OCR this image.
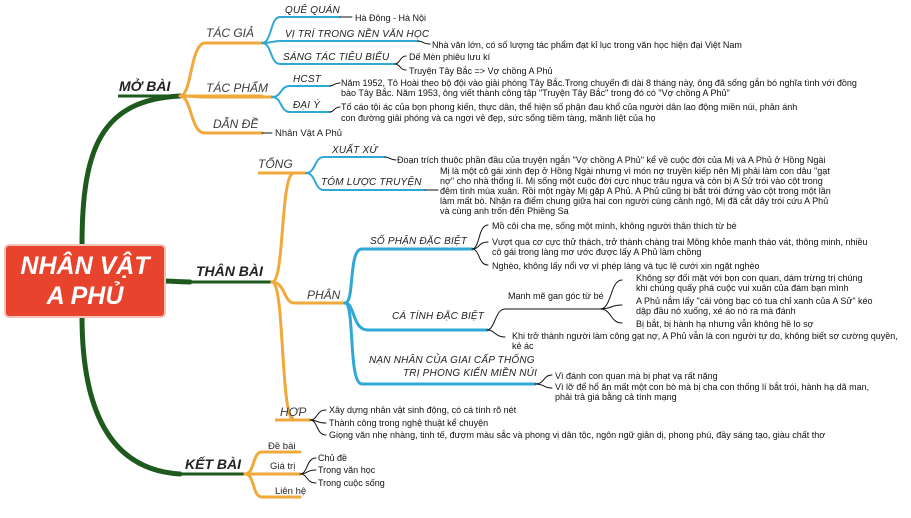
NHÂN VẬT
A PHỦ
MỞ BÀI
TÁC GIẢ
QUÊ QUÁN
Hà Đông - Hà Nội
VỊ TRÍ TRONG NỀN VĂN HỌC
Nhà văn lớn, có số lượng tác phẩm đạt kỉ lục trong văn học hiện đại Việt Nam
SÁNG TÁC TIÊU BIỂU Dế Mèn phiêu lưu kí
Truyện Tây Bắc => Vợ chồng A Phủ
TÁC PHẨM
HCST Năm 1952, Tô Hoài theo bộ đội vào giải phóng Tây Bắc.Trong chuyến đi dài 8 tháng này, ông đã sống gắn bó nghĩa tình với đồng
bào Tây Bắc. Năm 1953, ông viết thành công tập "Truyện Tây Bắc" trong đó có "Vợ chồng A Phủ"
ĐẠI Ý Tố cáo tội ác của bọn phong kiến, thực dân, thể hiện số phận đau khổ của người dân lao động miền núi, phản ánh
con đường giải phóng và ca ngợi vẻ đẹp, sức sống tiềm tàng, mãnh liệt của họ
DẪN ĐỀ
Nhân Vật A Phủ
THÂN BÀI
TỔNG
XUẤT XỨ
Đoạn trích thuộc phần đầu của truyện ngắn "Vợ chồng A Phủ" kể về cuộc đời của Mị và A Phủ ở Hồng Ngài
TÓM LƯỢC TRUYỆN
Mị là một cô gái xinh đẹp ở Hồng Ngài nhưng vì món nợ truyền kiếp nên Mị phải làm con dâu "gạt
nợ" cho nhà thống lí. Mị sống một cuộc đời cực nhục trâu ngựa và còn bị A Sử trói vào cột trong
đêm tình mùa xuân. Rồi một ngày Mị gặp A Phủ. A Phủ cũng bị bắt trói đứng vào cột trong một lần
làm mất bò. Nhận ra điểm chung giữa hai con người cùng cảnh ngộ, Mị đã cắt dây trói cứu A Phủ
và cùng anh trốn đến Phiềng Sa
PHÂN
SỐ PHẬN ĐẶC BIỆT
Mồ côi cha mẹ, sống một mình, không người thân thích từ bé
Vượt qua cơ cực thử thách, trở thành chàng trai Mông khỏe mạnh tháo vát, thông minh, nhiều
cô gái trong làng mơ ước được lấy A Phủ làm chồng
Nghèo, không lấy nổi vợ vì phép làng và tục lệ cưới xin ngặt nghèo
CÁ TÍNH ĐẶC BIỆT
Mạnh mẽ gan góc từ bé
Không sợ đối mặt với bọn con quan, dám trừng trị chúng
khi chúng quấy phá cuộc vui xuân của đám bạn mình
A Phủ nắm lấy "cái vòng bạc có tua chỉ xanh của A Sử" kéo
dập đầu nó xuống, xé áo nó ra mà đánh
Bị bắt, bị hành hạ nhưng vẫn không hề lo sợ
Khi trở thành người làm công gạt nợ, A Phủ vẫn là con người tự do, không biết sợ cường quyền,
kẻ ác
NẠN NHÂN CỦA GIAI CẤP THỐNG
TRỊ PHONG KIẾN MIỀN NÚI Vì đánh con quan mà bị phạt vạ rất nặng
Vì lỡ để hổ ăn mất một con bò mà bị cha con thống lí bắt trói, hành hạ dã man,
phải trả giá bằng cả tính mạng
HỢP	Xây dựng nhân vật sinh động, có cá tính rõ nét
Thành công trong nghệ thuật kể chuyện
Giọng văn nhẹ nhàng, tinh tế, đượm màu sắc và phong vị dân tộc, ngôn ngữ giản dị, phong phú, đầy sáng tạo, giàu chất thơ
KẾT BÀI
Đề bài
Giá trị
Chủ đề
Trong văn học
Trong cuộc sống
Liên hệ
